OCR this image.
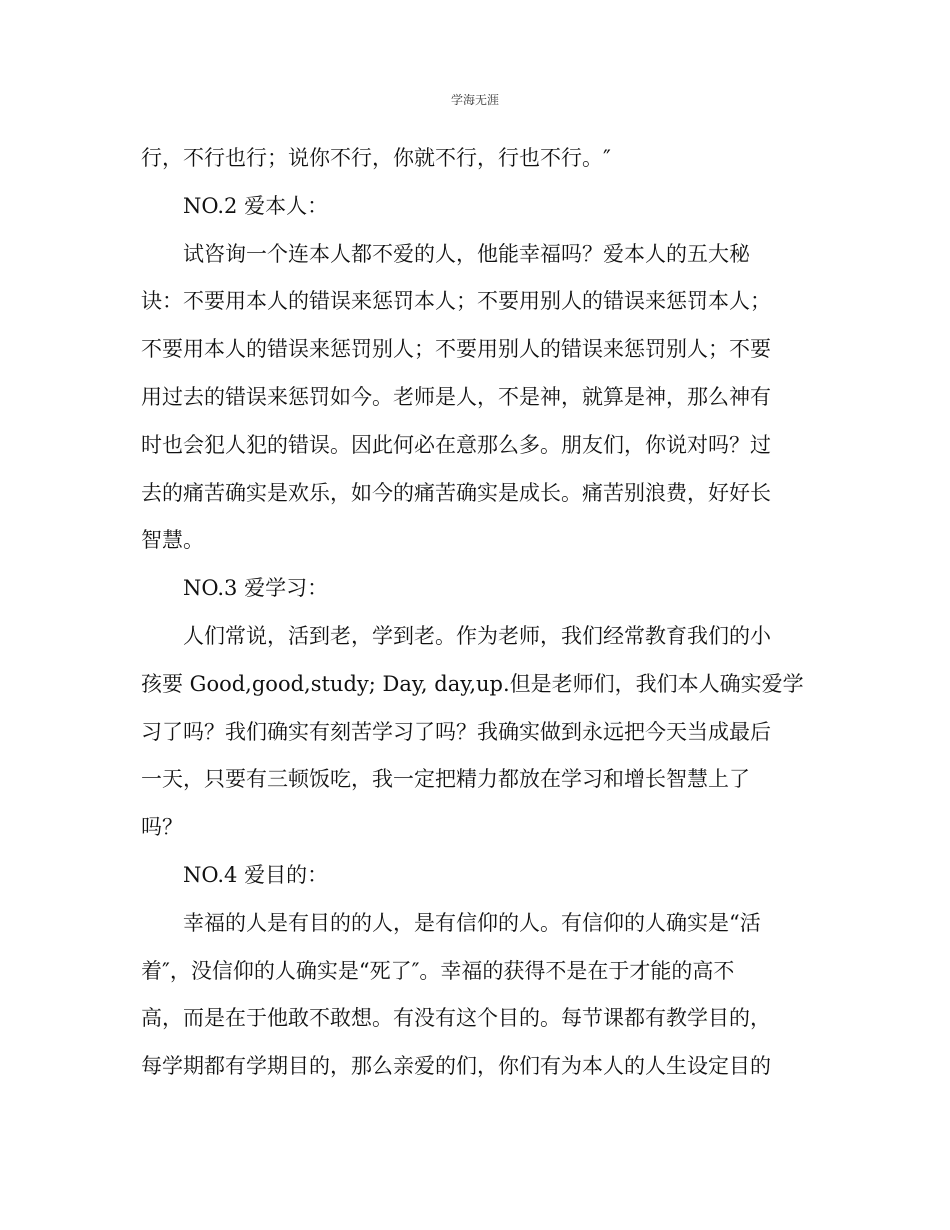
学海无涯
行，不行也行；说你不行，你就不行，行也不行。″
NO.2 爱本人：
试咨询一个连本人都不爱的人，他能幸福吗？爱本人的五大秘
诀：不要用本人的错误来惩罚本人；不要用别人的错误来惩罚本人；
不要用本人的错误来惩罚别人；不要用别人的错误来惩罚别人；不要
用过去的错误来惩罚如今。老师是人，不是神，就算是神，那么神有
时也会犯人犯的错误。因此何必在意那么多。朋友们，你说对吗？过
去的痛苦确实是欢乐，如今的痛苦确实是成长。痛苦别浪费，好好长
智慧。
NO.3 爱学习：
人们常说，活到老，学到老。作为老师，我们经常教育我们的小
孩要 Good,good,study; Day, day,up.但是老师们，我们本人确实爱学
习了吗？我们确实有刻苦学习了吗？我确实做到永远把今天当成最后
一天，只要有三顿饭吃，我一定把精力都放在学习和增长智慧上了
吗？
NO.4 爱目的：
幸福的人是有目的的人，是有信仰的人。有信仰的人确实是“活
着″，没信仰的人确实是“死了″。幸福的获得不是在于才能的高不
高，而是在于他敢不敢想。有没有这个目的。每节课都有教学目的，
每学期都有学期目的，那么亲爱的们，你们有为本人的人生设定目的
